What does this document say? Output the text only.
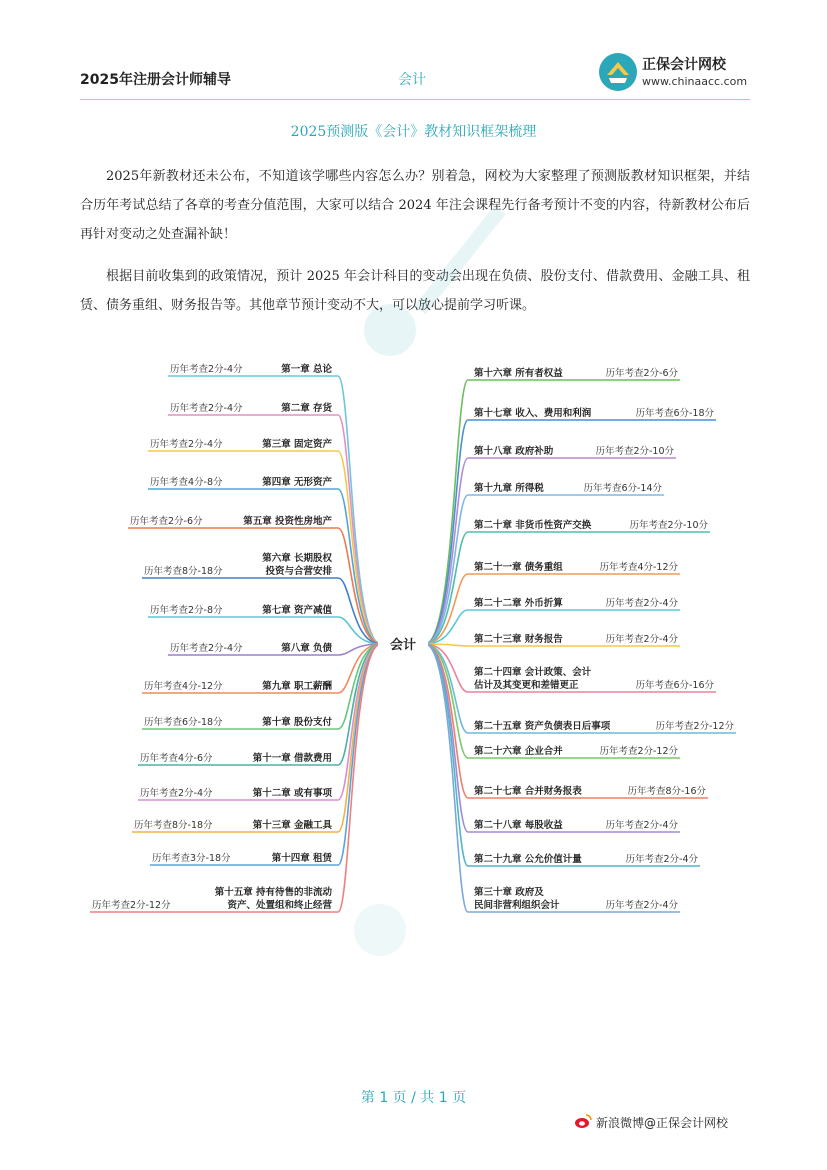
2025年注册会计师辅导	会计
正保会计网校
www.chinaacc.com
2025预测版《会计》教材知识框架梳理

2025年新教材还未公布，不知道该学哪些内容怎么办？别着急，网校为大家整理了预测版教材知识框架，并结合历年考试总结了各章的考查分值范围，大家可以结合 2024 年注会课程先行备考预计不变的内容，待新教材公布后再针对变动之处查漏补缺！

根据目前收集到的政策情况，预计 2025 年会计科目的变动会出现在负债、股份支付、借款费用、金融工具、租赁、债务重组、财务报告等。其他章节预计变动不大，可以放心提前学习听课。

第一章 总论
历年考查2分-4分
第二章 存货
历年考查2分-4分
第三章 固定资产
历年考查2分-4分
第四章 无形资产
历年考查4分-8分
第五章 投资性房地产
历年考查2分-6分
第六章 长期股权
投资与合营安排
历年考查8分-18分
第七章 资产减值
历年考查2分-8分
第八章 负债
历年考查2分-4分
第九章 职工薪酬
历年考查4分-12分
第十章 股份支付
历年考查6分-18分
第十一章 借款费用
历年考查4分-6分
第十二章 或有事项
历年考查2分-4分
第十三章 金融工具
历年考查8分-18分
第十四章 租赁
历年考查3分-18分
第十五章 持有待售的非流动
资产、处置组和终止经营
历年考查2分-12分
第十六章 所有者权益	历年考查2分-6分
第十七章 收入、费用和利润	历年考查6分-18分
第十八章 政府补助	历年考查2分-10分
第十九章 所得税	历年考查6分-14分
第二十章 非货币性资产交换	历年考查2分-10分
第二十一章 债务重组	历年考查4分-12分
第二十二章 外币折算	历年考查2分-4分
第二十三章 财务报告	历年考查2分-4分
第二十四章 会计政策、会计
估计及其变更和差错更正	历年考查6分-16分
第二十五章 资产负债表日后事项	历年考查2分-12分
第二十六章 企业合并	历年考查2分-12分
第二十七章 合并财务报表	历年考查8分-16分
第二十八章 每股收益	历年考查2分-4分
第二十九章 公允价值计量	历年考查2分-4分
第三十章 政府及
民间非营利组织会计	历年考查2分-4分
会计
第 1 页 / 共 1 页
新浪微博@正保会计网校
